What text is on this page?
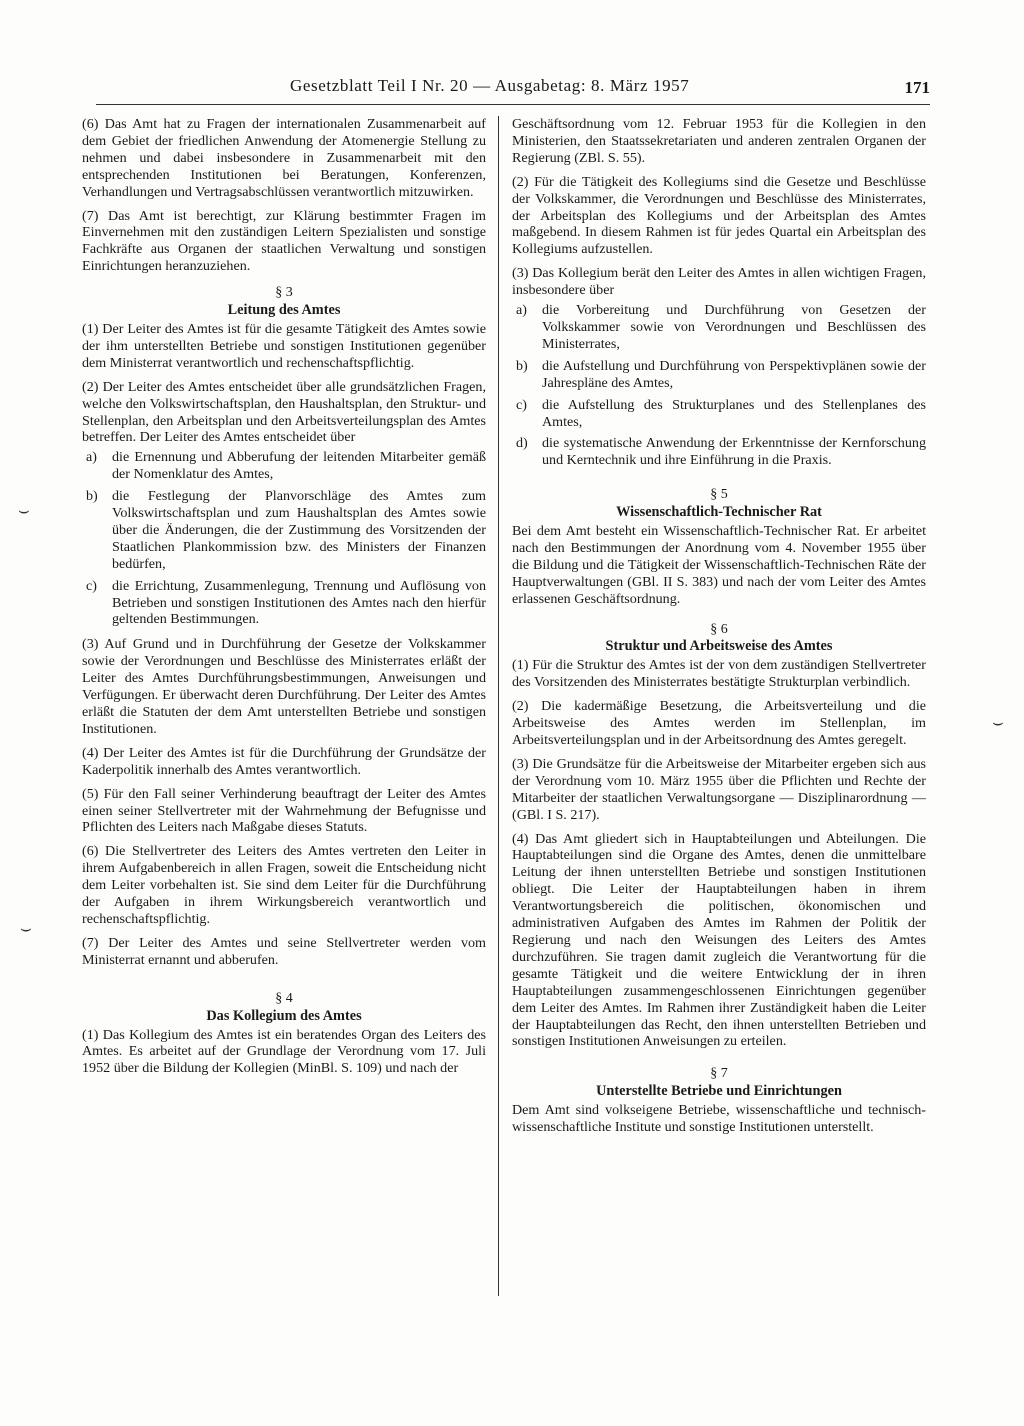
Gesetzblatt Teil I Nr. 20 — Ausgabetag: 8. März 1957	171
⌣
⌣
⌣

(6) Das Amt hat zu Fragen der internationalen Zusammenarbeit auf dem Gebiet der friedlichen Anwendung der Atomenergie Stellung zu nehmen und dabei insbesondere in Zusammenarbeit mit den entsprechenden Institutionen bei Beratungen, Konferenzen, Verhandlungen und Vertragsabschlüssen verantwortlich mitzuwirken.

(7) Das Amt ist berechtigt, zur Klärung bestimmter Fragen im Einvernehmen mit den zuständigen Leitern Spezialisten und sonstige Fachkräfte aus Organen der staatlichen Verwaltung und sonstigen Einrichtungen heranzuziehen.

§ 3
Leitung des Amtes

(1) Der Leiter des Amtes ist für die gesamte Tätigkeit des Amtes sowie der ihm unterstellten Betriebe und sonstigen Institutionen gegenüber dem Ministerrat verantwortlich und rechenschaftspflichtig.

(2) Der Leiter des Amtes entscheidet über alle grundsätzlichen Fragen, welche den Volkswirtschaftsplan, den Haushaltsplan, den Struktur- und Stellenplan, den Arbeitsplan und den Arbeitsverteilungsplan des Amtes betreffen. Der Leiter des Amtes entscheidet über

a)	die Ernennung und Abberufung der leitenden Mitarbeiter gemäß der Nomenklatur des Amtes,
b)	die Festlegung der Planvorschläge des Amtes zum Volkswirtschaftsplan und zum Haushaltsplan des Amtes sowie über die Änderungen, die der Zustimmung des Vorsitzenden der Staatlichen Plankommission bzw. des Ministers der Finanzen bedürfen,
c)	die Errichtung, Zusammenlegung, Trennung und Auflösung von Betrieben und sonstigen Institutionen des Amtes nach den hierfür geltenden Bestimmungen.

(3) Auf Grund und in Durchführung der Gesetze der Volkskammer sowie der Verordnungen und Beschlüsse des Ministerrates erläßt der Leiter des Amtes Durchführungsbestimmungen, Anweisungen und Verfügungen. Er überwacht deren Durchführung. Der Leiter des Amtes erläßt die Statuten der dem Amt unterstellten Betriebe und sonstigen Institutionen.

(4) Der Leiter des Amtes ist für die Durchführung der Grundsätze der Kaderpolitik innerhalb des Amtes verantwortlich.

(5) Für den Fall seiner Verhinderung beauftragt der Leiter des Amtes einen seiner Stellvertreter mit der Wahrnehmung der Befugnisse und Pflichten des Leiters nach Maßgabe dieses Statuts.

(6) Die Stellvertreter des Leiters des Amtes vertreten den Leiter in ihrem Aufgabenbereich in allen Fragen, soweit die Entscheidung nicht dem Leiter vorbehalten ist. Sie sind dem Leiter für die Durchführung der Aufgaben in ihrem Wirkungsbereich verantwortlich und rechenschaftspflichtig.

(7) Der Leiter des Amtes und seine Stellvertreter werden vom Ministerrat ernannt und abberufen.

§ 4
Das Kollegium des Amtes

(1) Das Kollegium des Amtes ist ein beratendes Organ des Leiters des Amtes. Es arbeitet auf der Grundlage der Verordnung vom 17. Juli 1952 über die Bildung der Kollegien (MinBl. S. 109) und nach der

Geschäftsordnung vom 12. Februar 1953 für die Kollegien in den Ministerien, den Staatssekretariaten und anderen zentralen Organen der Regierung (ZBl. S. 55).

(2) Für die Tätigkeit des Kollegiums sind die Gesetze und Beschlüsse der Volkskammer, die Verordnungen und Beschlüsse des Ministerrates, der Arbeitsplan des Kollegiums und der Arbeitsplan des Amtes maßgebend. In diesem Rahmen ist für jedes Quartal ein Arbeitsplan des Kollegiums aufzustellen.

(3) Das Kollegium berät den Leiter des Amtes in allen wichtigen Fragen, insbesondere über

a)	die Vorbereitung und Durchführung von Gesetzen der Volkskammer sowie von Verordnungen und Beschlüssen des Ministerrates,
b)	die Aufstellung und Durchführung von Perspektivplänen sowie der Jahrespläne des Amtes,
c)	die Aufstellung des Strukturplanes und des Stellenplanes des Amtes,
d)	die systematische Anwendung der Erkenntnisse der Kernforschung und Kerntechnik und ihre Einführung in die Praxis.
§ 5
Wissenschaftlich-Technischer Rat

Bei dem Amt besteht ein Wissenschaftlich-Technischer Rat. Er arbeitet nach den Bestimmungen der Anordnung vom 4. November 1955 über die Bildung und die Tätigkeit der Wissenschaftlich-Technischen Räte der Hauptverwaltungen (GBl. II S. 383) und nach der vom Leiter des Amtes erlassenen Geschäftsordnung.

§ 6
Struktur und Arbeitsweise des Amtes

(1) Für die Struktur des Amtes ist der von dem zuständigen Stellvertreter des Vorsitzenden des Ministerrates bestätigte Strukturplan verbindlich.

(2) Die kadermäßige Besetzung, die Arbeitsverteilung und die Arbeitsweise des Amtes werden im Stellenplan, im Arbeitsverteilungsplan und in der Arbeitsordnung des Amtes geregelt.

(3) Die Grundsätze für die Arbeitsweise der Mitarbeiter ergeben sich aus der Verordnung vom 10. März 1955 über die Pflichten und Rechte der Mitarbeiter der staatlichen Verwaltungsorgane — Disziplinarordnung — (GBl. I S. 217).

(4) Das Amt gliedert sich in Hauptabteilungen und Abteilungen. Die Hauptabteilungen sind die Organe des Amtes, denen die unmittelbare Leitung der ihnen unterstellten Betriebe und sonstigen Institutionen obliegt. Die Leiter der Hauptabteilungen haben in ihrem Verantwortungsbereich die politischen, ökonomischen und administrativen Aufgaben des Amtes im Rahmen der Politik der Regierung und nach den Weisungen des Leiters des Amtes durchzuführen. Sie tragen damit zugleich die Verantwortung für die gesamte Tätigkeit und die weitere Entwicklung der in ihren Hauptabteilungen zusammengeschlossenen Einrichtungen gegenüber dem Leiter des Amtes. Im Rahmen ihrer Zuständigkeit haben die Leiter der Hauptabteilungen das Recht, den ihnen unterstellten Betrieben und sonstigen Institutionen Anweisungen zu erteilen.

§ 7
Unterstellte Betriebe und Einrichtungen

Dem Amt sind volkseigene Betriebe, wissenschaftliche und technisch-wissenschaftliche Institute und sonstige Institutionen unterstellt.
